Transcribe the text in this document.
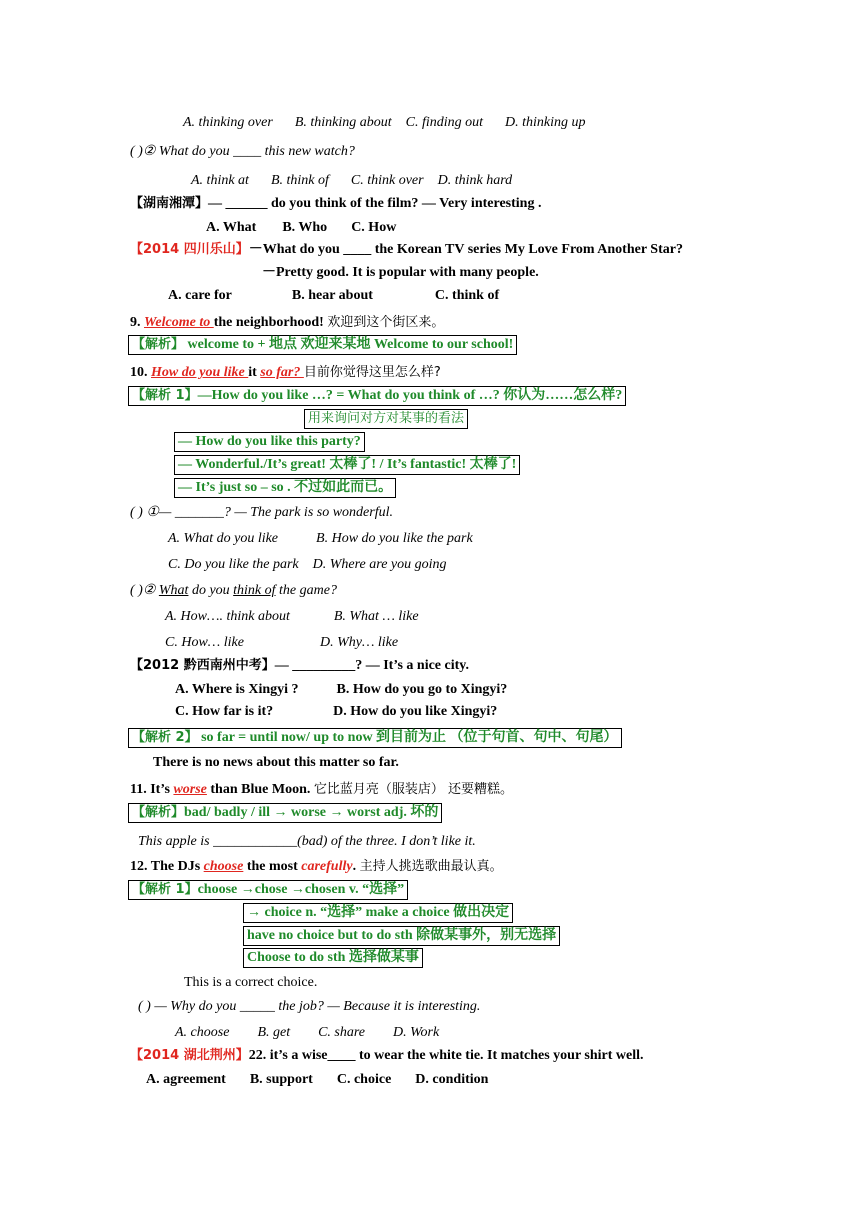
A. thinking over B. thinking about C. finding out D. thinking up
( )② What do you ____ this new watch?
A. think at B. think of C. think over D. think hard
【湖南湘潭】— ______ do you think of the film? — Very interesting .
A. What B. Who C. How
【2014 四川乐山】－What do you ____ the Korean TV series My Love From Another Star?
－Pretty good. It is popular with many people.
A. care for	B. hear about	C. think of
9. Welcome to the neighborhood! 欢迎到这个街区来。
【解析】 welcome to + 地点 欢迎来某地 Welcome to our school!
10. How do you like it so far? 目前你觉得这里怎么样?
【解析 1】—How do you like …? = What do you think of …? 你认为……怎么样?
用来询问对方对某事的看法
— How do you like this party?
— Wonderful./It’s great! 太棒了! / It’s fantastic! 太棒了!
— It’s just so – so . 不过如此而已。
( ) ①— _______? — The park is so wonderful.
A. What do you like	B. How do you like the park
C. Do you like the park D. Where are you going
( )② What do you think of the game?
A. How…. think about	B. What … like
C. How… like	D. Why… like
【2012 黔西南州中考】— _________? — It’s a nice city.
A. Where is Xingyi ?	B. How do you go to Xingyi?
C. How far is it?	D. How do you like Xingyi?
【解析 2】 so far = until now/ up to now 到目前为止 （位于句首、句中、句尾）
There is no news about this matter so far.
11. It’s worse than Blue Moon. 它比蓝月亮（服装店） 还要糟糕。
【解析】bad/ badly / ill → worse → worst adj. 坏的
This apple is ____________(bad) of the three. I don’t like it.
12. The DJs choose the most carefully. 主持人挑选歌曲最认真。
【解析 1】choose →chose →chosen v. “选择”
→ choice n. “选择” make a choice 做出决定
have no choice but to do sth 除做某事外，别无选择
Choose to do sth 选择做某事
This is a correct choice.
( ) — Why do you _____ the job? — Because it is interesting.
A. choose B. get C. share D. Work
【2014 湖北荆州】22. it’s a wise____ to wear the white tie. It matches your shirt well.
A. agreement B. support C. choice D. condition
